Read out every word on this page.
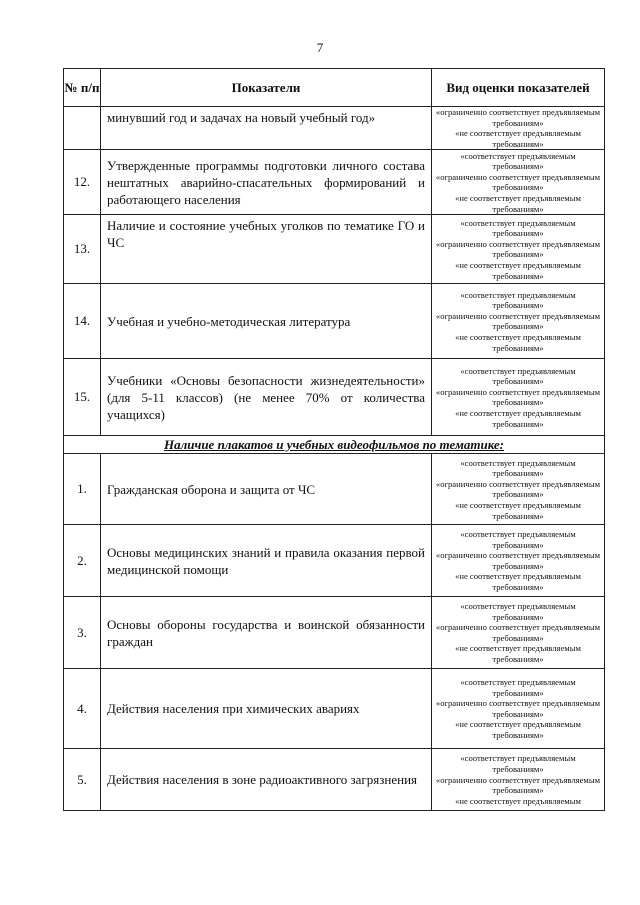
7
№ п/п	Показатели	Вид оценки показателей
	минувший год и задачах на новый учебный год»	«ограниченно соответствует предъявляемым требованиям»
«не соответствует предъявляемым требованиям»

12.	Утвержденные программы подготовки личного состава нештатных аварийно-спасательных формирований и работающего населения	«соответствует предъявляемым требованиям»
«ограниченно соответствует предъявляемым требованиям»
«не соответствует предъявляемым требованиям»

13.	Наличие и состояние учебных уголков по тематике ГО и ЧС	«соответствует предъявляемым требованиям»
«ограниченно соответствует предъявляемым требованиям»
«не соответствует предъявляемым требованиям»

14.	Учебная и учебно-методическая литература	«соответствует предъявляемым требованиям»
«ограниченно соответствует предъявляемым требованиям»
«не соответствует предъявляемым требованиям»

15.	Учебники «Основы безопасности жизнедеятельности» (для 5-11 классов) (не менее 70% от количества учащихся)	«соответствует предъявляемым требованиям»
«ограниченно соответствует предъявляемым требованиям»
«не соответствует предъявляемым требованиям»

Наличие плакатов и учебных видеофильмов по тематике:		
1.	Гражданская оборона и защита от ЧС	«соответствует предъявляемым требованиям»
«ограниченно соответствует предъявляемым требованиям»
«не соответствует предъявляемым требованиям»

2.	Основы медицинских знаний и правила оказания первой медицинской помощи	«соответствует предъявляемым требованиям»
«ограниченно соответствует предъявляемым требованиям»
«не соответствует предъявляемым требованиям»

3.	Основы обороны государства и воинской обязанности граждан	«соответствует предъявляемым требованиям»
«ограниченно соответствует предъявляемым требованиям»
«не соответствует предъявляемым требованиям»

4.	Действия населения при химических авариях	«соответствует предъявляемым требованиям»
«ограниченно соответствует предъявляемым требованиям»
«не соответствует предъявляемым требованиям»

5.	Действия населения в зоне радиоактивного загрязнения	«соответствует предъявляемым требованиям»
«ограниченно соответствует предъявляемым требованиям»
«не соответствует предъявляемым
